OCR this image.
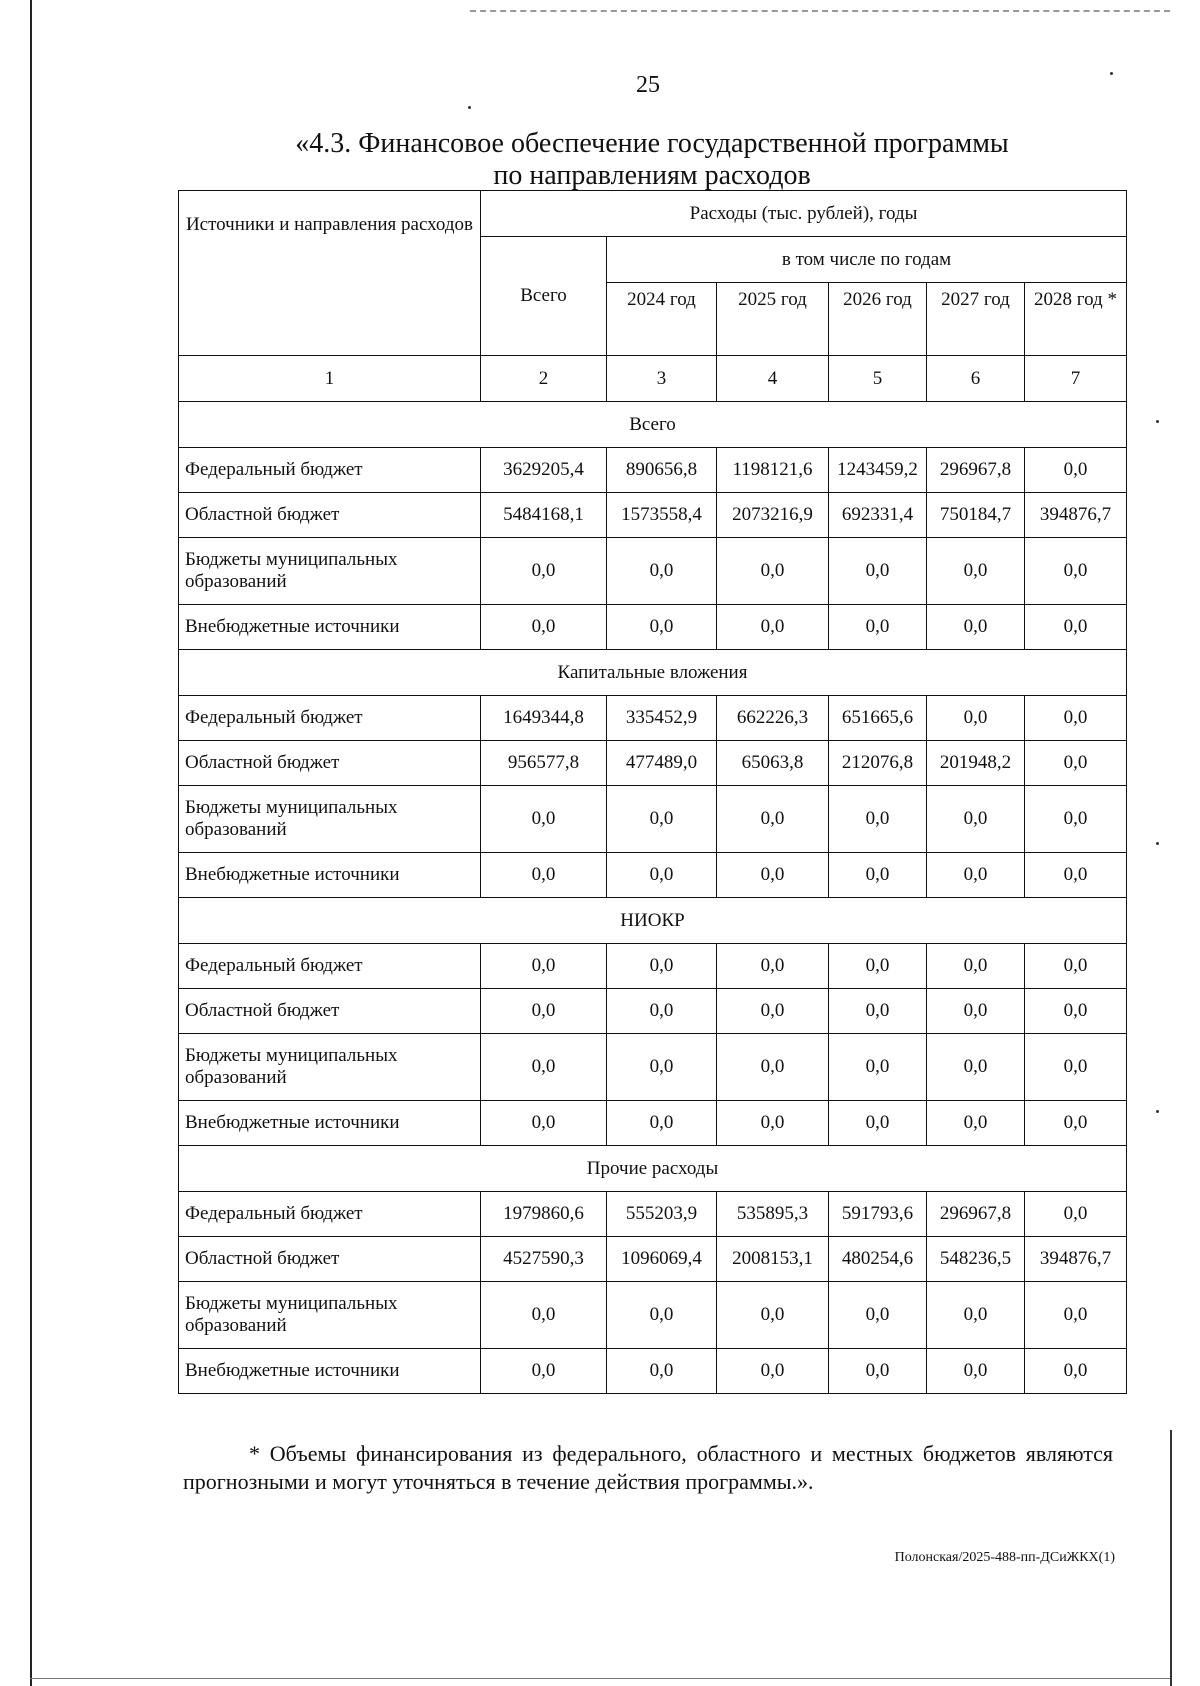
25
«4.3. Финансовое обеспечение государственной программы
по направлениям расходов
Источники и направления расходов	Расходы (тыс. рублей), годы					
	Всего	в том числе по годам				
		2024 год	2025 год	2026 год	2027 год	2028 год *
1	2	3	4	5	6	7
Всего						
Федеральный бюджет	3629205,4	890656,8	1198121,6	1243459,2	296967,8	0,0
Областной бюджет	5484168,1	1573558,4	2073216,9	692331,4	750184,7	394876,7
Бюджеты муниципальных образований	0,0	0,0	0,0	0,0	0,0	0,0
Внебюджетные источники	0,0	0,0	0,0	0,0	0,0	0,0
Капитальные вложения						
Федеральный бюджет	1649344,8	335452,9	662226,3	651665,6	0,0	0,0
Областной бюджет	956577,8	477489,0	65063,8	212076,8	201948,2	0,0
Бюджеты муниципальных образований	0,0	0,0	0,0	0,0	0,0	0,0
Внебюджетные источники	0,0	0,0	0,0	0,0	0,0	0,0
НИОКР						
Федеральный бюджет	0,0	0,0	0,0	0,0	0,0	0,0
Областной бюджет	0,0	0,0	0,0	0,0	0,0	0,0
Бюджеты муниципальных образований	0,0	0,0	0,0	0,0	0,0	0,0
Внебюджетные источники	0,0	0,0	0,0	0,0	0,0	0,0
Прочие расходы						
Федеральный бюджет	1979860,6	555203,9	535895,3	591793,6	296967,8	0,0
Областной бюджет	4527590,3	1096069,4	2008153,1	480254,6	548236,5	394876,7
Бюджеты муниципальных образований	0,0	0,0	0,0	0,0	0,0	0,0
Внебюджетные источники	0,0	0,0	0,0	0,0	0,0	0,0
* Объемы финансирования из федерального, областного и местных бюджетов являются прогнозными и могут уточняться в течение действия программы.».
Полонская/2025-488-пп-ДСиЖКХ(1)
